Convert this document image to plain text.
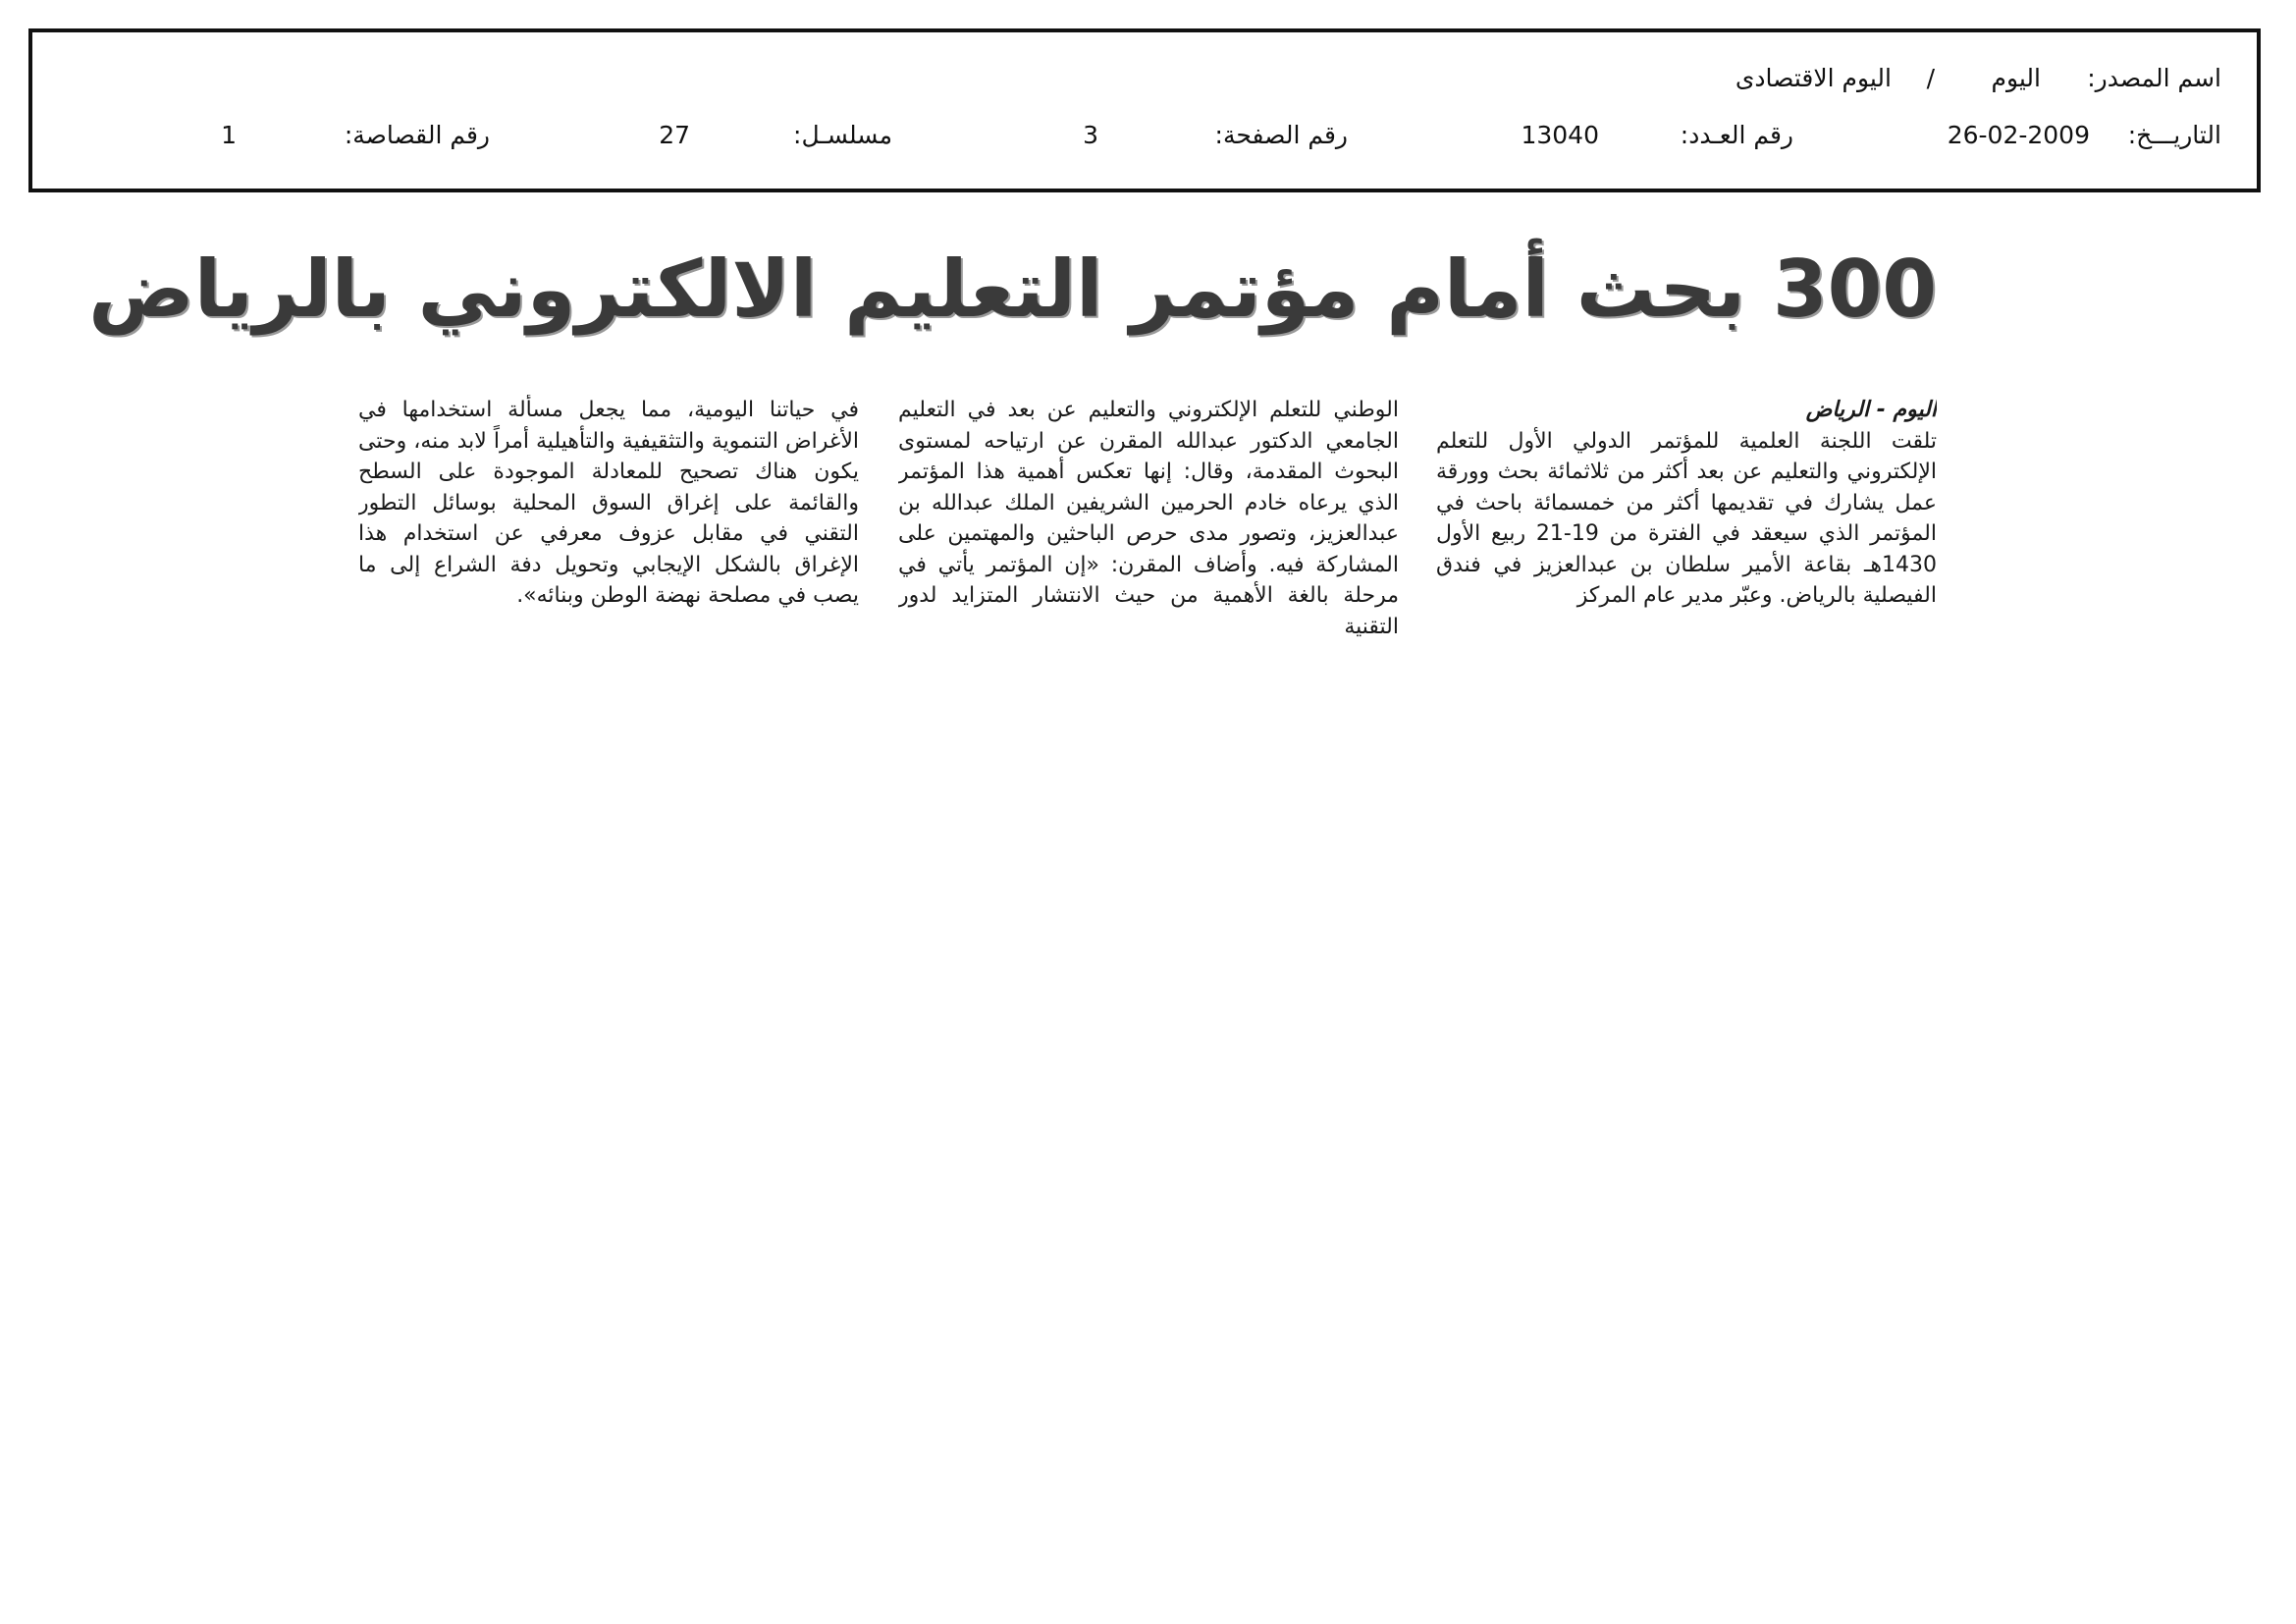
اسم المصدر:
اليوم
/
اليوم الاقتصادى
التاريـــخ:
26-02-2009
رقم العـدد:
13040
رقم الصفحة:
3
مسلسـل:
27
رقم القصاصة:
1
300 بحث أمام مؤتمر التعليم الالكتروني بالرياض
اليوم - الرياض
تلقت اللجنة العلمية للمؤتمر الدولي الأول للتعلم الإلكتروني والتعليم عن بعد أكثر من ثلاثمائة بحث وورقة عمل يشارك في تقديمها أكثر من خمسمائة باحث في المؤتمر الذي سيعقد في الفترة من 19-21 ربيع الأول 1430هـ بقاعة الأمير سلطان بن عبدالعزيز في فندق الفيصلية بالرياض. وعبّر مدير عام المركز
الوطني للتعلم الإلكتروني والتعليم عن بعد في التعليم الجامعي الدكتور عبدالله المقرن عن ارتياحه لمستوى البحوث المقدمة، وقال: إنها تعكس أهمية هذا المؤتمر الذي يرعاه خادم الحرمين الشريفين الملك عبدالله بن عبدالعزيز، وتصور مدى حرص الباحثين والمهتمين على المشاركة فيه. وأضاف المقرن: «إن المؤتمر يأتي في مرحلة بالغة الأهمية من حيث الانتشار المتزايد لدور التقنية
في حياتنا اليومية، مما يجعل مسألة استخدامها في الأغراض التنموية والتثقيفية والتأهيلية أمراً لابد منه، وحتى يكون هناك تصحيح للمعادلة الموجودة على السطح والقائمة على إغراق السوق المحلية بوسائل التطور التقني في مقابل عزوف معرفي عن استخدام هذا الإغراق بالشكل الإيجابي وتحويل دفة الشراع إلى ما يصب في مصلحة نهضة الوطن وبنائه».
